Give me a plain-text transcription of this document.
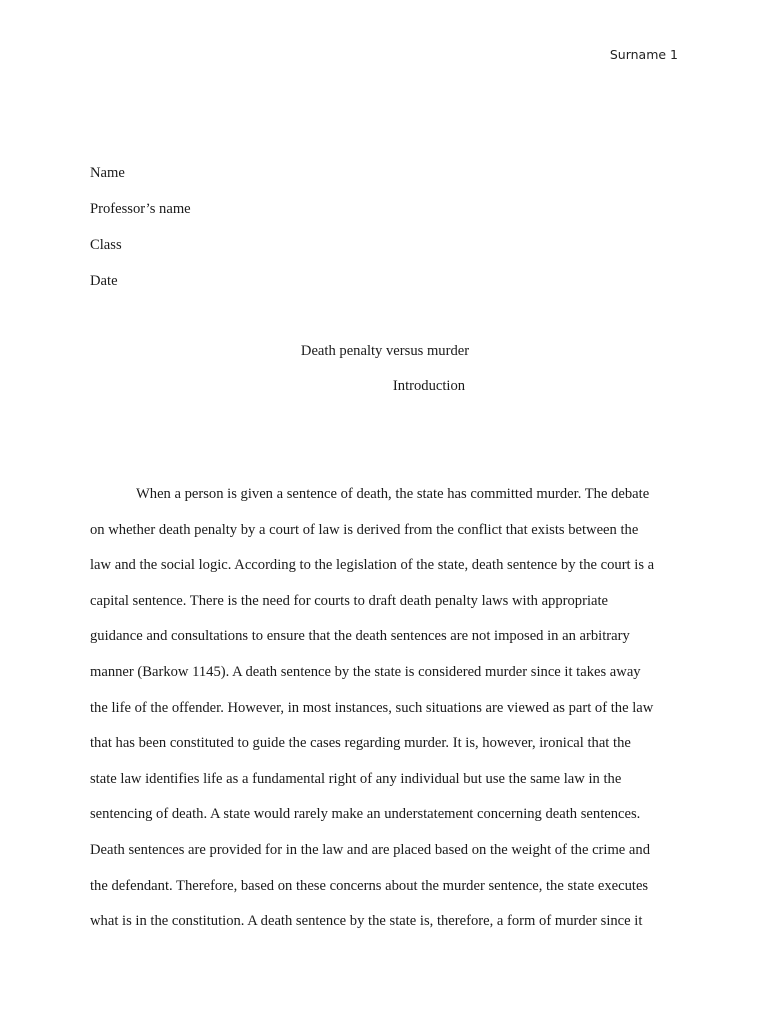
Surname 1
Name
Professor’s name
Class
Date
Death penalty versus murder
Introduction
When a person is given a sentence of death, the state has committed murder. The debate
on whether death penalty by a court of law is derived from the conflict that exists between the
law and the social logic. According to the legislation of the state, death sentence by the court is a
capital sentence. There is the need for courts to draft death penalty laws with appropriate
guidance and consultations to ensure that the death sentences are not imposed in an arbitrary
manner (Barkow 1145). A death sentence by the state is considered murder since it takes away
the life of the offender. However, in most instances, such situations are viewed as part of the law
that has been constituted to guide the cases regarding murder. It is, however, ironical that the
state law identifies life as a fundamental right of any individual but use the same law in the
sentencing of death. A state would rarely make an understatement concerning death sentences.
Death sentences are provided for in the law and are placed based on the weight of the crime and
the defendant. Therefore, based on these concerns about the murder sentence, the state executes
what is in the constitution. A death sentence by the state is, therefore, a form of murder since it
